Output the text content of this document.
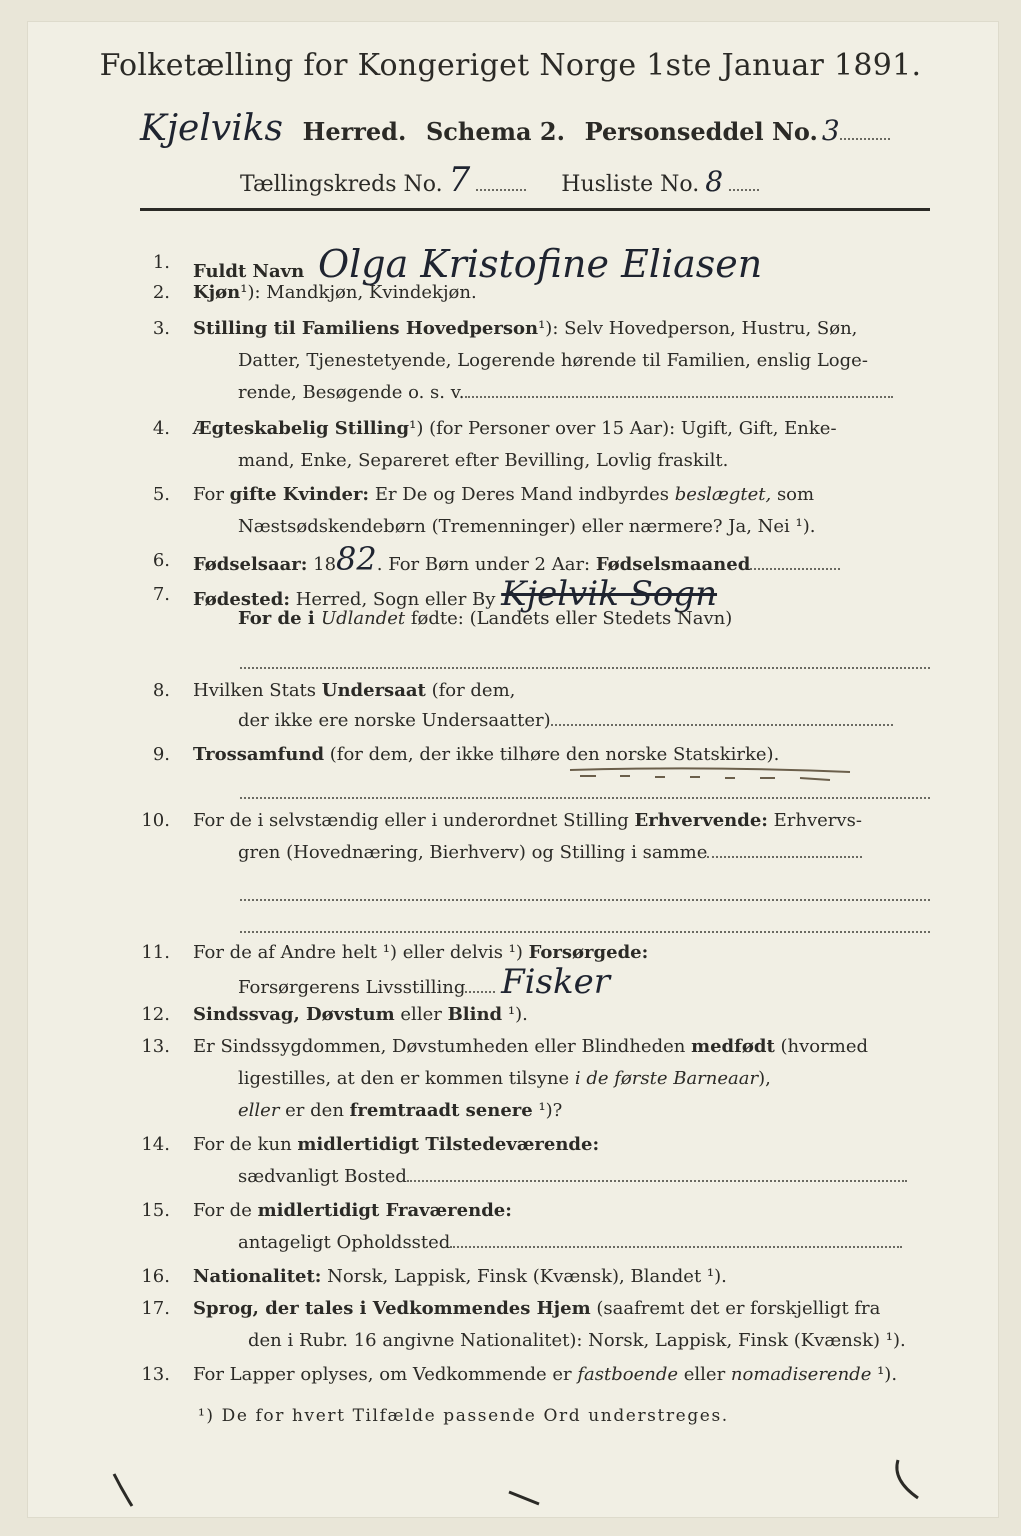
Folketælling for Kongeriget Norge 1ste Januar 1891.
Kjelviks Herred. Schema 2. Personseddel No. 3
Tællingskreds No. 7	Husliste No. 8
1. Fuldt Navn Olga Kristofine Eliasen
2. Kjøn¹): Mandkjøn, Kvindekjøn.
3. Stilling til Familiens Hovedperson¹): Selv Hovedperson, Hustru, Søn,
Datter, Tjenestetyende, Logerende hørende til Familien, enslig Loge-
rende, Besøgende o. s. v.
4. Ægteskabelig Stilling¹) (for Personer over 15 Aar): Ugift, Gift, Enke-
mand, Enke, Separeret efter Bevilling, Lovlig fraskilt.
5. For gifte Kvinder: Er De og Deres Mand indbyrdes beslægtet, som
Næstsødskendebørn (Tremenninger) eller nærmere? Ja, Nei ¹).
6. Fødselsaar: 1882. For Børn under 2 Aar: Fødselsmaaned
7. Fødested: Herred, Sogn eller By Kjelvik Sogn
For de i Udlandet fødte: (Landets eller Stedets Navn)
8. Hvilken Stats Undersaat (for dem,
der ikke ere norske Undersaatter)
9. Trossamfund (for dem, der ikke tilhøre den norske Statskirke).
10. For de i selvstændig eller i underordnet Stilling Erhvervende: Erhvervs-
gren (Hovednæring, Bierhverv) og Stilling i samme
11. For de af Andre helt ¹) eller delvis ¹) Forsørgede:
Forsørgerens Livsstilling Fisker
12. Sindssvag, Døvstum eller Blind ¹).
13. Er Sindssygdommen, Døvstumheden eller Blindheden medfødt (hvormed
ligestilles, at den er kommen tilsyne i de første Barneaar),
eller er den fremtraadt senere ¹)?
14. For de kun midlertidigt Tilstedeværende:
sædvanligt Bosted
15. For de midlertidigt Fraværende:
antageligt Opholdssted
16. Nationalitet: Norsk, Lappisk, Finsk (Kvænsk), Blandet ¹).
17. Sprog, der tales i Vedkommendes Hjem (saafremt det er forskjelligt fra
den i Rubr. 16 angivne Nationalitet): Norsk, Lappisk, Finsk (Kvænsk) ¹).
13. For Lapper oplyses, om Vedkommende er fastboende eller nomadiserende ¹).
¹) De for hvert Tilfælde passende Ord understreges.
